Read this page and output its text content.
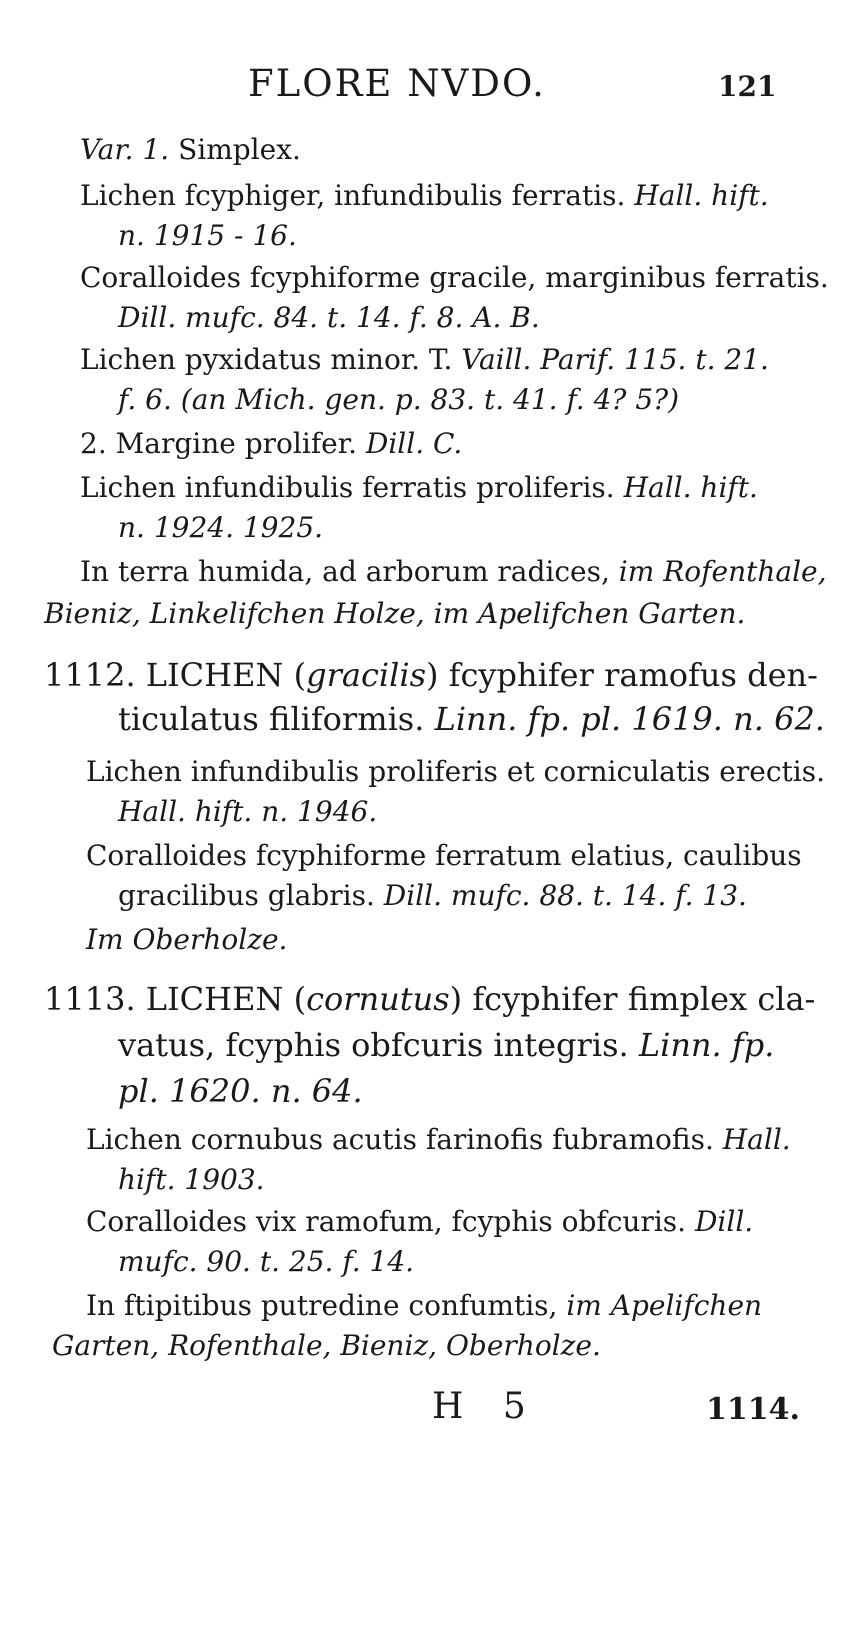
FLORE NVDO.	121
Var. 1. Simplex.
Lichen fcyphiger, infundibulis ferratis. Hall. hift.
n. 1915 - 16.
Coralloides fcyphiforme gracile, marginibus ferratis.
Dill. mufc. 84. t. 14. f. 8. A. B.
Lichen pyxidatus minor. T. Vaill. Parif. 115. t. 21.
f. 6. (an Mich. gen. p. 83. t. 41. f. 4? 5?)
2. Margine prolifer. Dill. C.
Lichen infundibulis ferratis proliferis. Hall. hift.
n. 1924. 1925.
In terra humida, ad arborum radices, im Rofenthale,
Bieniz, Linkelifchen Holze, im Apelifchen Garten.
1112. LICHEN (gracilis) fcyphifer ramofus den-
ticulatus filiformis. Linn. fp. pl. 1619. n. 62.
Lichen infundibulis proliferis et corniculatis erectis.
Hall. hift. n. 1946.
Coralloides fcyphiforme ferratum elatius, caulibus
gracilibus glabris. Dill. mufc. 88. t. 14. f. 13.
Im Oberholze.
1113. LICHEN (cornutus) fcyphifer fimplex cla-
vatus, fcyphis obfcuris integris. Linn. fp.
pl. 1620. n. 64.
Lichen cornubus acutis farinofis fubramofis. Hall.
hift. 1903.
Coralloides vix ramofum, fcyphis obfcuris. Dill.
mufc. 90. t. 25. f. 14.
In ftipitibus putredine confumtis, im Apelifchen
Garten, Rofenthale, Bieniz, Oberholze.
H 5	1114.
